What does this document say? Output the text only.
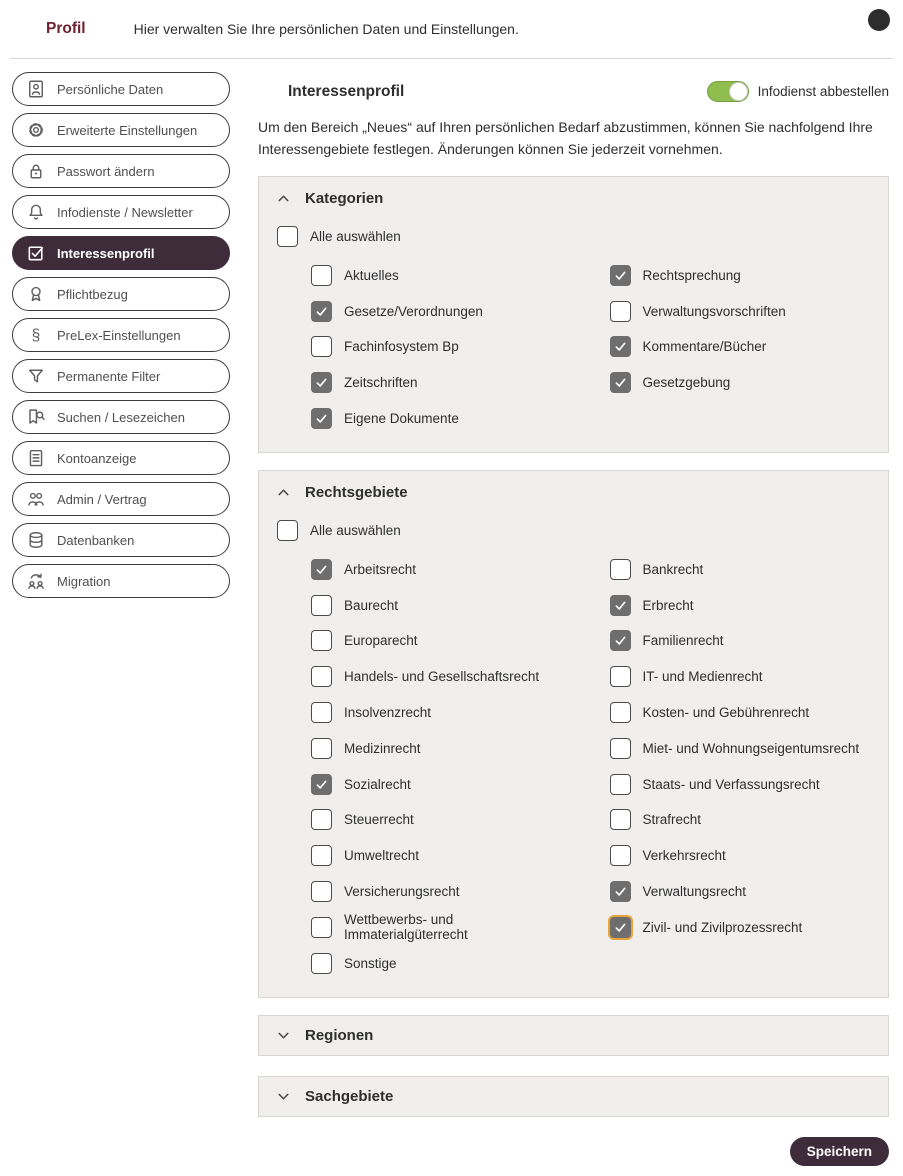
Profil	Hier verwalten Sie Ihre persönlichen Daten und Einstellungen.
Persönliche Daten
Erweiterte Einstellungen
Passwort ändern
Infodienste / Newsletter
Interessenprofil
Pflichtbezug
§ PreLex-Einstellungen
Permanente Filter
Suchen / Lesezeichen
Kontoanzeige
Admin / Vertrag
Datenbanken
Migration
Interessenprofil	Infodienst abbestellen

Um den Bereich „Neues“ auf Ihren persönlichen Bedarf abzustimmen, können Sie nachfolgend Ihre Interessengebiete festlegen. Änderungen können Sie jederzeit vornehmen.

Kategorien
Alle auswählen
Aktuelles
Gesetze/Verordnungen
Fachinfosystem Bp
Zeitschriften
Eigene Dokumente
Rechtsprechung
Verwaltungsvorschriften
Kommentare/Bücher
Gesetzgebung
Rechtsgebiete
Alle auswählen
Arbeitsrecht
Baurecht
Europarecht
Handels- und Gesellschaftsrecht
Insolvenzrecht
Medizinrecht
Sozialrecht
Steuerrecht
Umweltrecht
Versicherungsrecht
Wettbewerbs- und Immaterialgüterrecht
Sonstige
Bankrecht
Erbrecht
Familienrecht
IT- und Medienrecht
Kosten- und Gebührenrecht
Miet- und Wohnungseigentumsrecht
Staats- und Verfassungsrecht
Strafrecht
Verkehrsrecht
Verwaltungsrecht
Zivil- und Zivilprozessrecht
Regionen
Sachgebiete
Speichern
